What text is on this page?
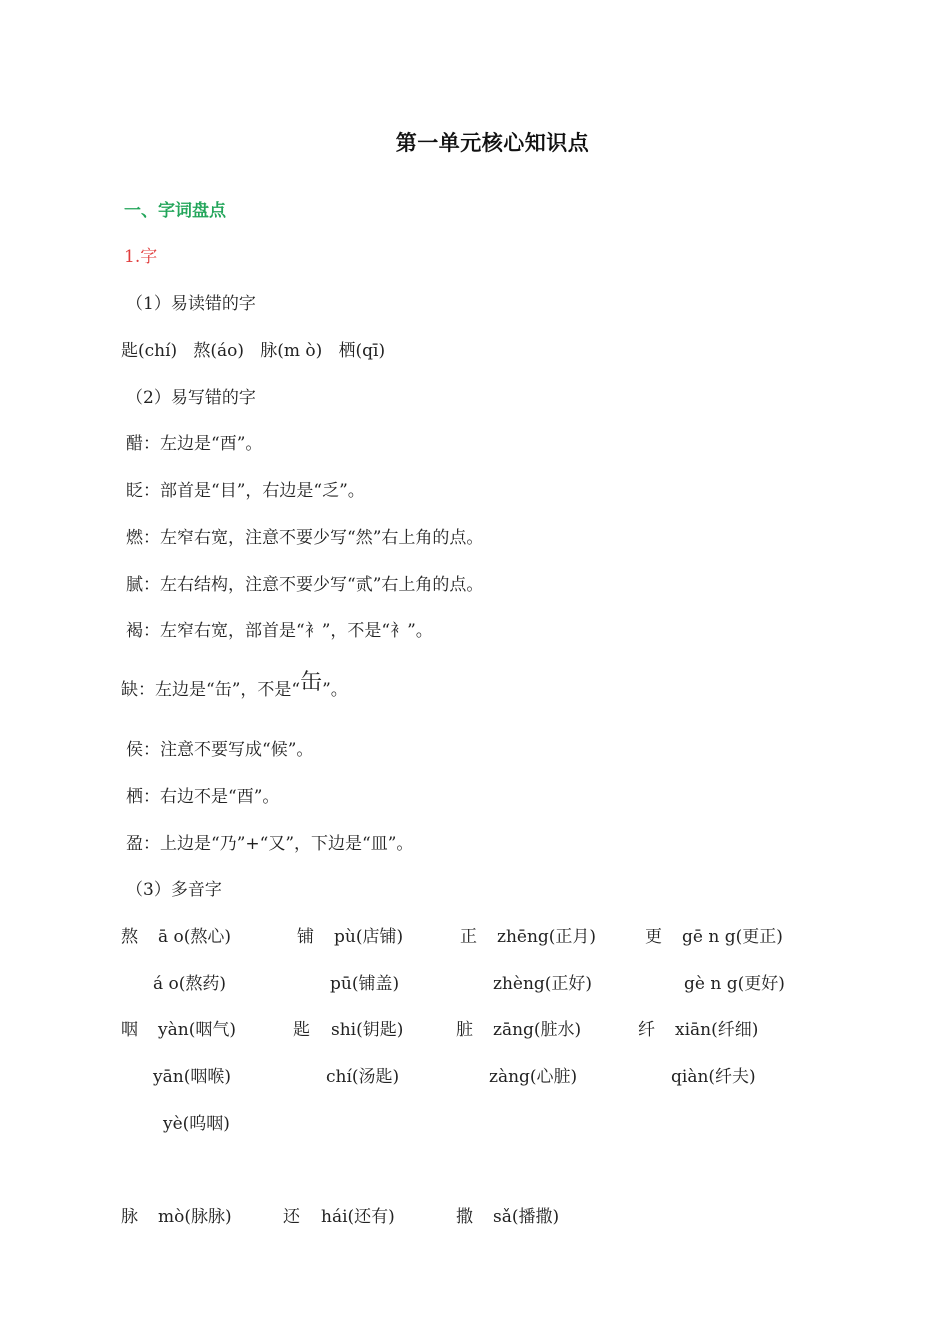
第一单元核心知识点
一、字词盘点
1.字
（1）易读错的字
匙(chí) 熬(áo) 脉(m ò) 栖(qī)
（2）易写错的字
醋：左边是“酉”。
眨：部首是“目”，右边是“乏”。
燃：左窄右宽，注意不要少写“然”右上角的点。
腻：左右结构，注意不要少写“贰”右上角的点。
褐：左窄右宽，部首是“衤”，不是“衤”。
缺：左边是“缶”，不是“缶”。
侯：注意不要写成“候”。
栖：右边不是“酉”。
盈：上边是“乃”+“又”，下边是“皿”。
（3）多音字
熬 ā o(熬心)
á o(熬药)
铺 pù(店铺)
pū(铺盖)
正 zhēng(正月)
zhèng(正好)
更 gē n g(更正)
gè n g(更好)
咽 yàn(咽气)
yān(咽喉)
yè(呜咽)
匙 shi(钥匙)
chí(汤匙)
脏 zāng(脏水)
zàng(心脏)
纤 xiān(纤细)
qiàn(纤夫)
脉 mò(脉脉)	还 hái(还有)	撒 sǎ(播撒)
